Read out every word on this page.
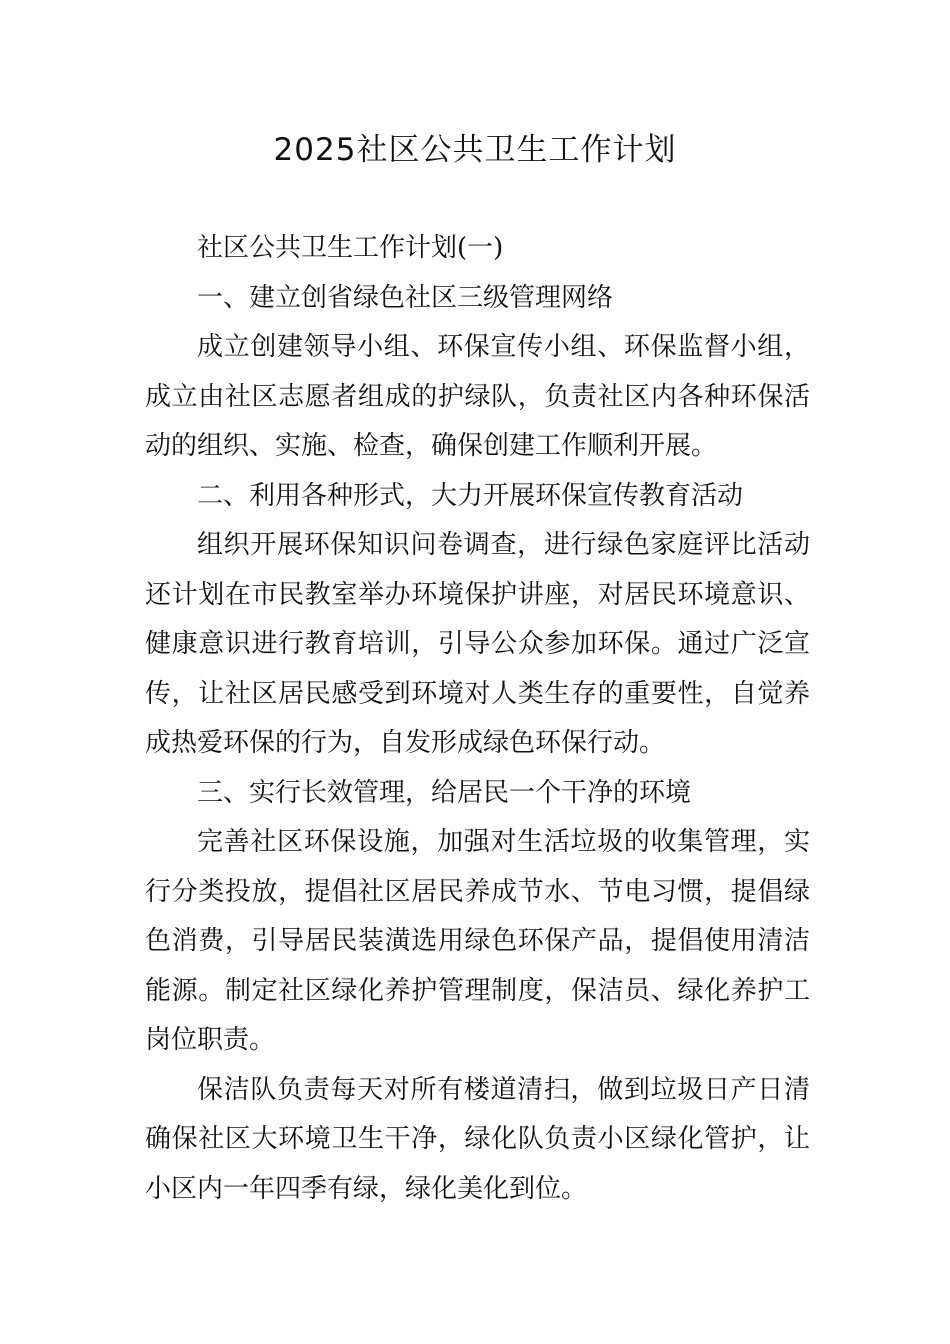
2025社区公共卫生工作计划

社区公共卫生工作计划(一)

一、建立创省绿色社区三级管理网络

成立创建领导小组、环保宣传小组、环保监督小组，成立由社区志愿者组成的护绿队，负责社区内各种环保活动的组织、实施、检查，确保创建工作顺利开展。

二、利用各种形式，大力开展环保宣传教育活动

组织开展环保知识问卷调查，进行绿色家庭评比活动还计划在市民教室举办环境保护讲座，对居民环境意识、健康意识进行教育培训，引导公众参加环保。通过广泛宣传，让社区居民感受到环境对人类生存的重要性，自觉养成热爱环保的行为，自发形成绿色环保行动。

三、实行长效管理，给居民一个干净的环境

完善社区环保设施，加强对生活垃圾的收集管理，实行分类投放，提倡社区居民养成节水、节电习惯，提倡绿色消费，引导居民装潢选用绿色环保产品，提倡使用清洁能源。制定社区绿化养护管理制度，保洁员、绿化养护工岗位职责。

保洁队负责每天对所有楼道清扫，做到垃圾日产日清确保社区大环境卫生干净，绿化队负责小区绿化管护，让小区内一年四季有绿，绿化美化到位。
